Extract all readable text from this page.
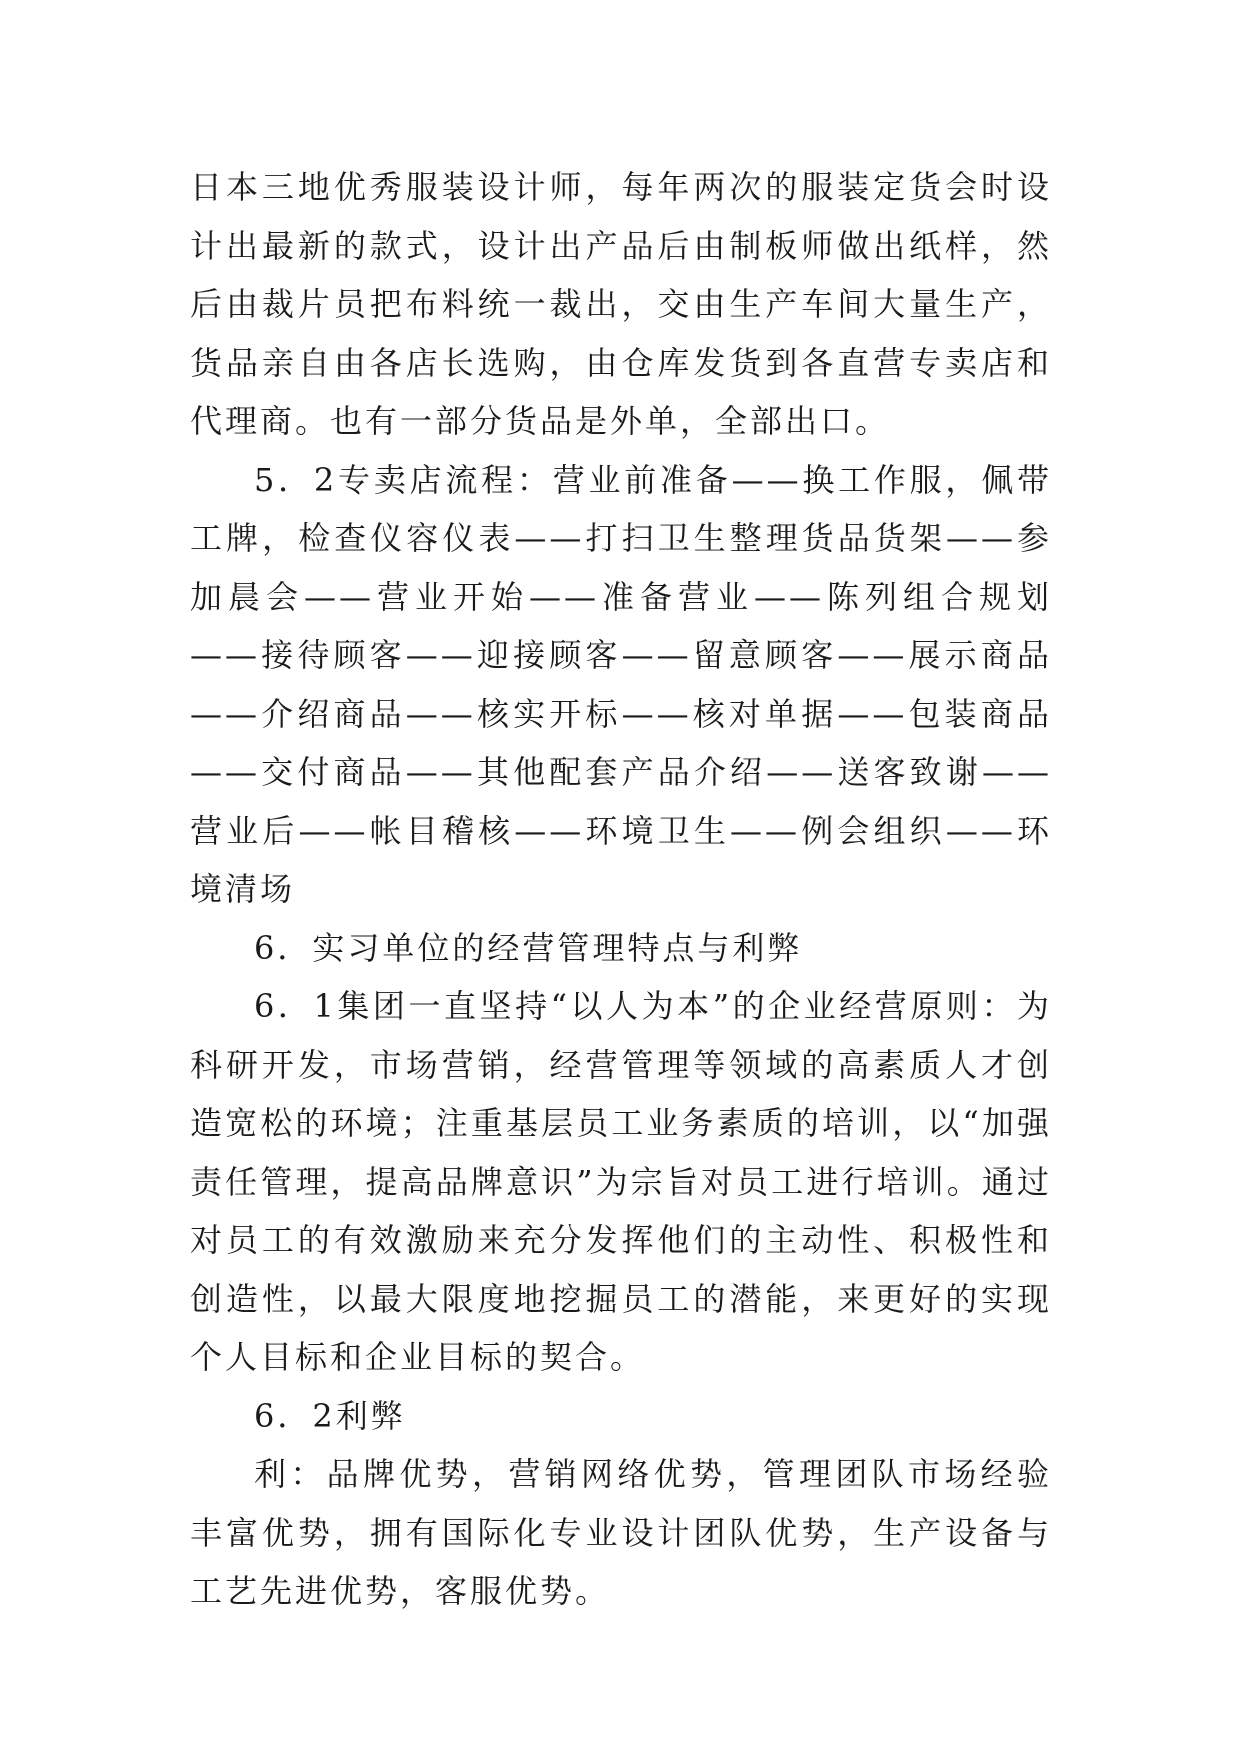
日本三地优秀服装设计师，每年两次的服装定货会时设计出最新的款式，设计出产品后由制板师做出纸样，然后由裁片员把布料统一裁出，交由生产车间大量生产，货品亲自由各店长选购，由仓库发货到各直营专卖店和代理商。也有一部分货品是外单，全部出口。

5．2专卖店流程：营业前准备——换工作服，佩带工牌，检查仪容仪表——打扫卫生整理货品货架——参加晨会——营业开始——准备营业——陈列组合规划——接待顾客——迎接顾客——留意顾客——展示商品——介绍商品——核实开标——核对单据——包装商品——交付商品——其他配套产品介绍——送客致谢——营业后——帐目稽核——环境卫生——例会组织——环境清场

6．实习单位的经营管理特点与利弊

6．1集团一直坚持“以人为本”的企业经营原则：为科研开发，市场营销，经营管理等领域的高素质人才创造宽松的环境；注重基层员工业务素质的培训，以“加强责任管理，提高品牌意识”为宗旨对员工进行培训。通过对员工的有效激励来充分发挥他们的主动性、积极性和创造性，以最大限度地挖掘员工的潜能，来更好的实现个人目标和企业目标的契合。

6．2利弊

利：品牌优势，营销网络优势，管理团队市场经验丰富优势，拥有国际化专业设计团队优势，生产设备与工艺先进优势，客服优势。
